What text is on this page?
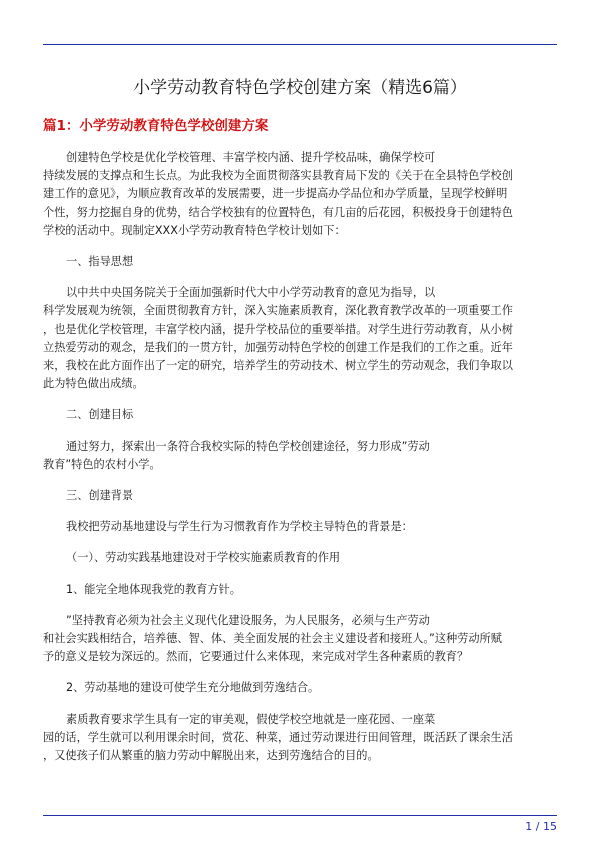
小学劳动教育特色学校创建方案（精选6篇）
篇1：小学劳动教育特色学校创建方案

创建特色学校是优化学校管理、丰富学校内涵、提升学校品味，确保学校可
持续发展的支撑点和生长点。为此我校为全面贯彻落实县教育局下发的《关于在全县特色学校创
建工作的意见》，为顺应教育改革的发展需要，进一步提高办学品位和办学质量，呈现学校鲜明
个性，努力挖掘自身的优势，结合学校独有的位置特色，有几亩的后花园，积极投身于创建特色
学校的活动中。现制定XXX小学劳动教育特色学校计划如下：

一、指导思想

以中共中央国务院关于全面加强新时代大中小学劳动教育的意见为指导，以
科学发展观为统领，全面贯彻教育方针，深入实施素质教育，深化教育教学改革的一项重要工作
，也是优化学校管理，丰富学校内涵，提升学校品位的重要举措。对学生进行劳动教育，从小树
立热爱劳动的观念，是我们的一贯方针，加强劳动特色学校的创建工作是我们的工作之重。近年
来，我校在此方面作出了一定的研究，培养学生的劳动技术、树立学生的劳动观念，我们争取以
此为特色做出成绩。

二、创建目标

通过努力，探索出一条符合我校实际的特色学校创建途径，努力形成”劳动
教育”特色的农村小学。

三、创建背景

我校把劳动基地建设与学生行为习惯教育作为学校主导特色的背景是：

（一）、劳动实践基地建设对于学校实施素质教育的作用

1、能完全地体现我党的教育方针。

”坚持教育必须为社会主义现代化建设服务，为人民服务，必须与生产劳动
和社会实践相结合，培养德、智、体、美全面发展的社会主义建设者和接班人。”这种劳动所赋
予的意义是较为深远的。然而，它要通过什么来体现，来完成对学生各种素质的教育？

2、劳动基地的建设可使学生充分地做到劳逸结合。

素质教育要求学生具有一定的审美观，假使学校空地就是一座花园、一座菜
园的话，学生就可以利用课余时间，赏花、种菜，通过劳动课进行田间管理，既活跃了课余生活
，又使孩子们从繁重的脑力劳动中解脱出来，达到劳逸结合的目的。

1 / 15
